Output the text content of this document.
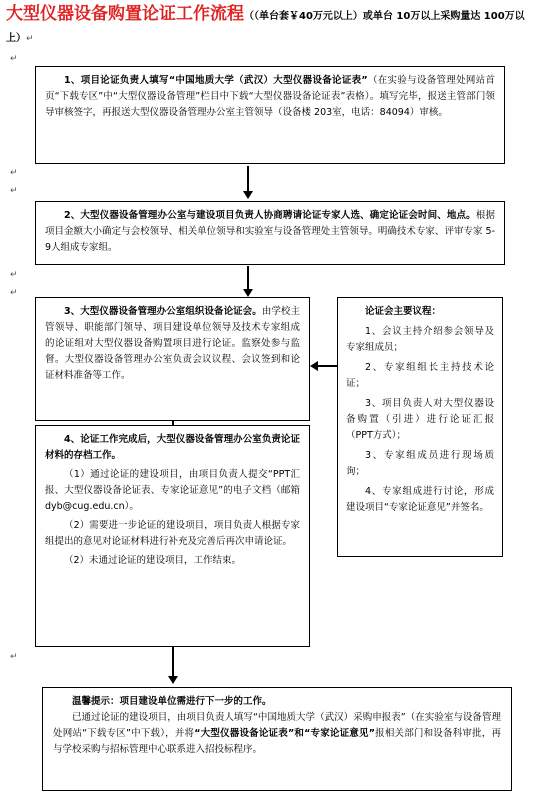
大型仪器设备购置论证工作流程（（单台套￥40万元以上）或单台 10万以上采购量达 100万以上）↵
↵
1、项目论证负责人填写“中国地质大学（武汉）大型仪器设备论证表”（在实验与设备管理处网站首页“下载专区”中“大型仪器设备管理”栏目中下载“大型仪器设备论证表”表格）。填写完毕，报送主管部门领导审核签字，再报送大型仪器设备管理办公室主管领导（设备楼 203室，电话：84094）审核。
↵
↵
2、大型仪器设备管理办公室与建设项目负责人协商聘请论证专家人选、确定论证会时间、地点。根据项目金额大小确定与会校领导、相关单位领导和实验室与设备管理处主管领导。明确技术专家、评审专家 5-9人组成专家组。
↵
↵
3、大型仪器设备管理办公室组织设备论证会。由学校主管领导、职能部门领导、项目建设单位领导及技术专家组成的论证组对大型仪器设备购置项目进行论证。监察处参与监督。大型仪器设备管理办公室负责会议议程、会议签到和论证材料准备等工作。
论证会主要议程：
1、会议主持介绍参会领导及专家组成员；
2、专家组组长主持技术论证；
3、项目负责人对大型仪器设备购置（引进）进行论证汇报（PPT方式）；
3、专家组成员进行现场质询；
4、专家组成进行讨论，形成建设项目“专家论证意见”并签名。
4、论证工作完成后，大型仪器设备管理办公室负责论证材料的存档工作。
（1）通过论证的建设项目，由项目负责人提交“PPT汇报、大型仪器设备论证表、专家论证意见”的电子文档（邮箱 dyb@cug.edu.cn）。
（2）需要进一步论证的建设项目，项目负责人根据专家组提出的意见对论证材料进行补充及完善后再次申请论证。
（2）未通过论证的建设项目，工作结束。
↵
温馨提示：项目建设单位需进行下一步的工作。
已通过论证的建设项目，由项目负责人填写“中国地质大学（武汉）采购申报表”（在实验室与设备管理处网站“下载专区”中下载），并将“大型仪器设备论证表”和“专家论证意见”报相关部门和设备科审批，再与学校采购与招标管理中心联系进入招投标程序。
